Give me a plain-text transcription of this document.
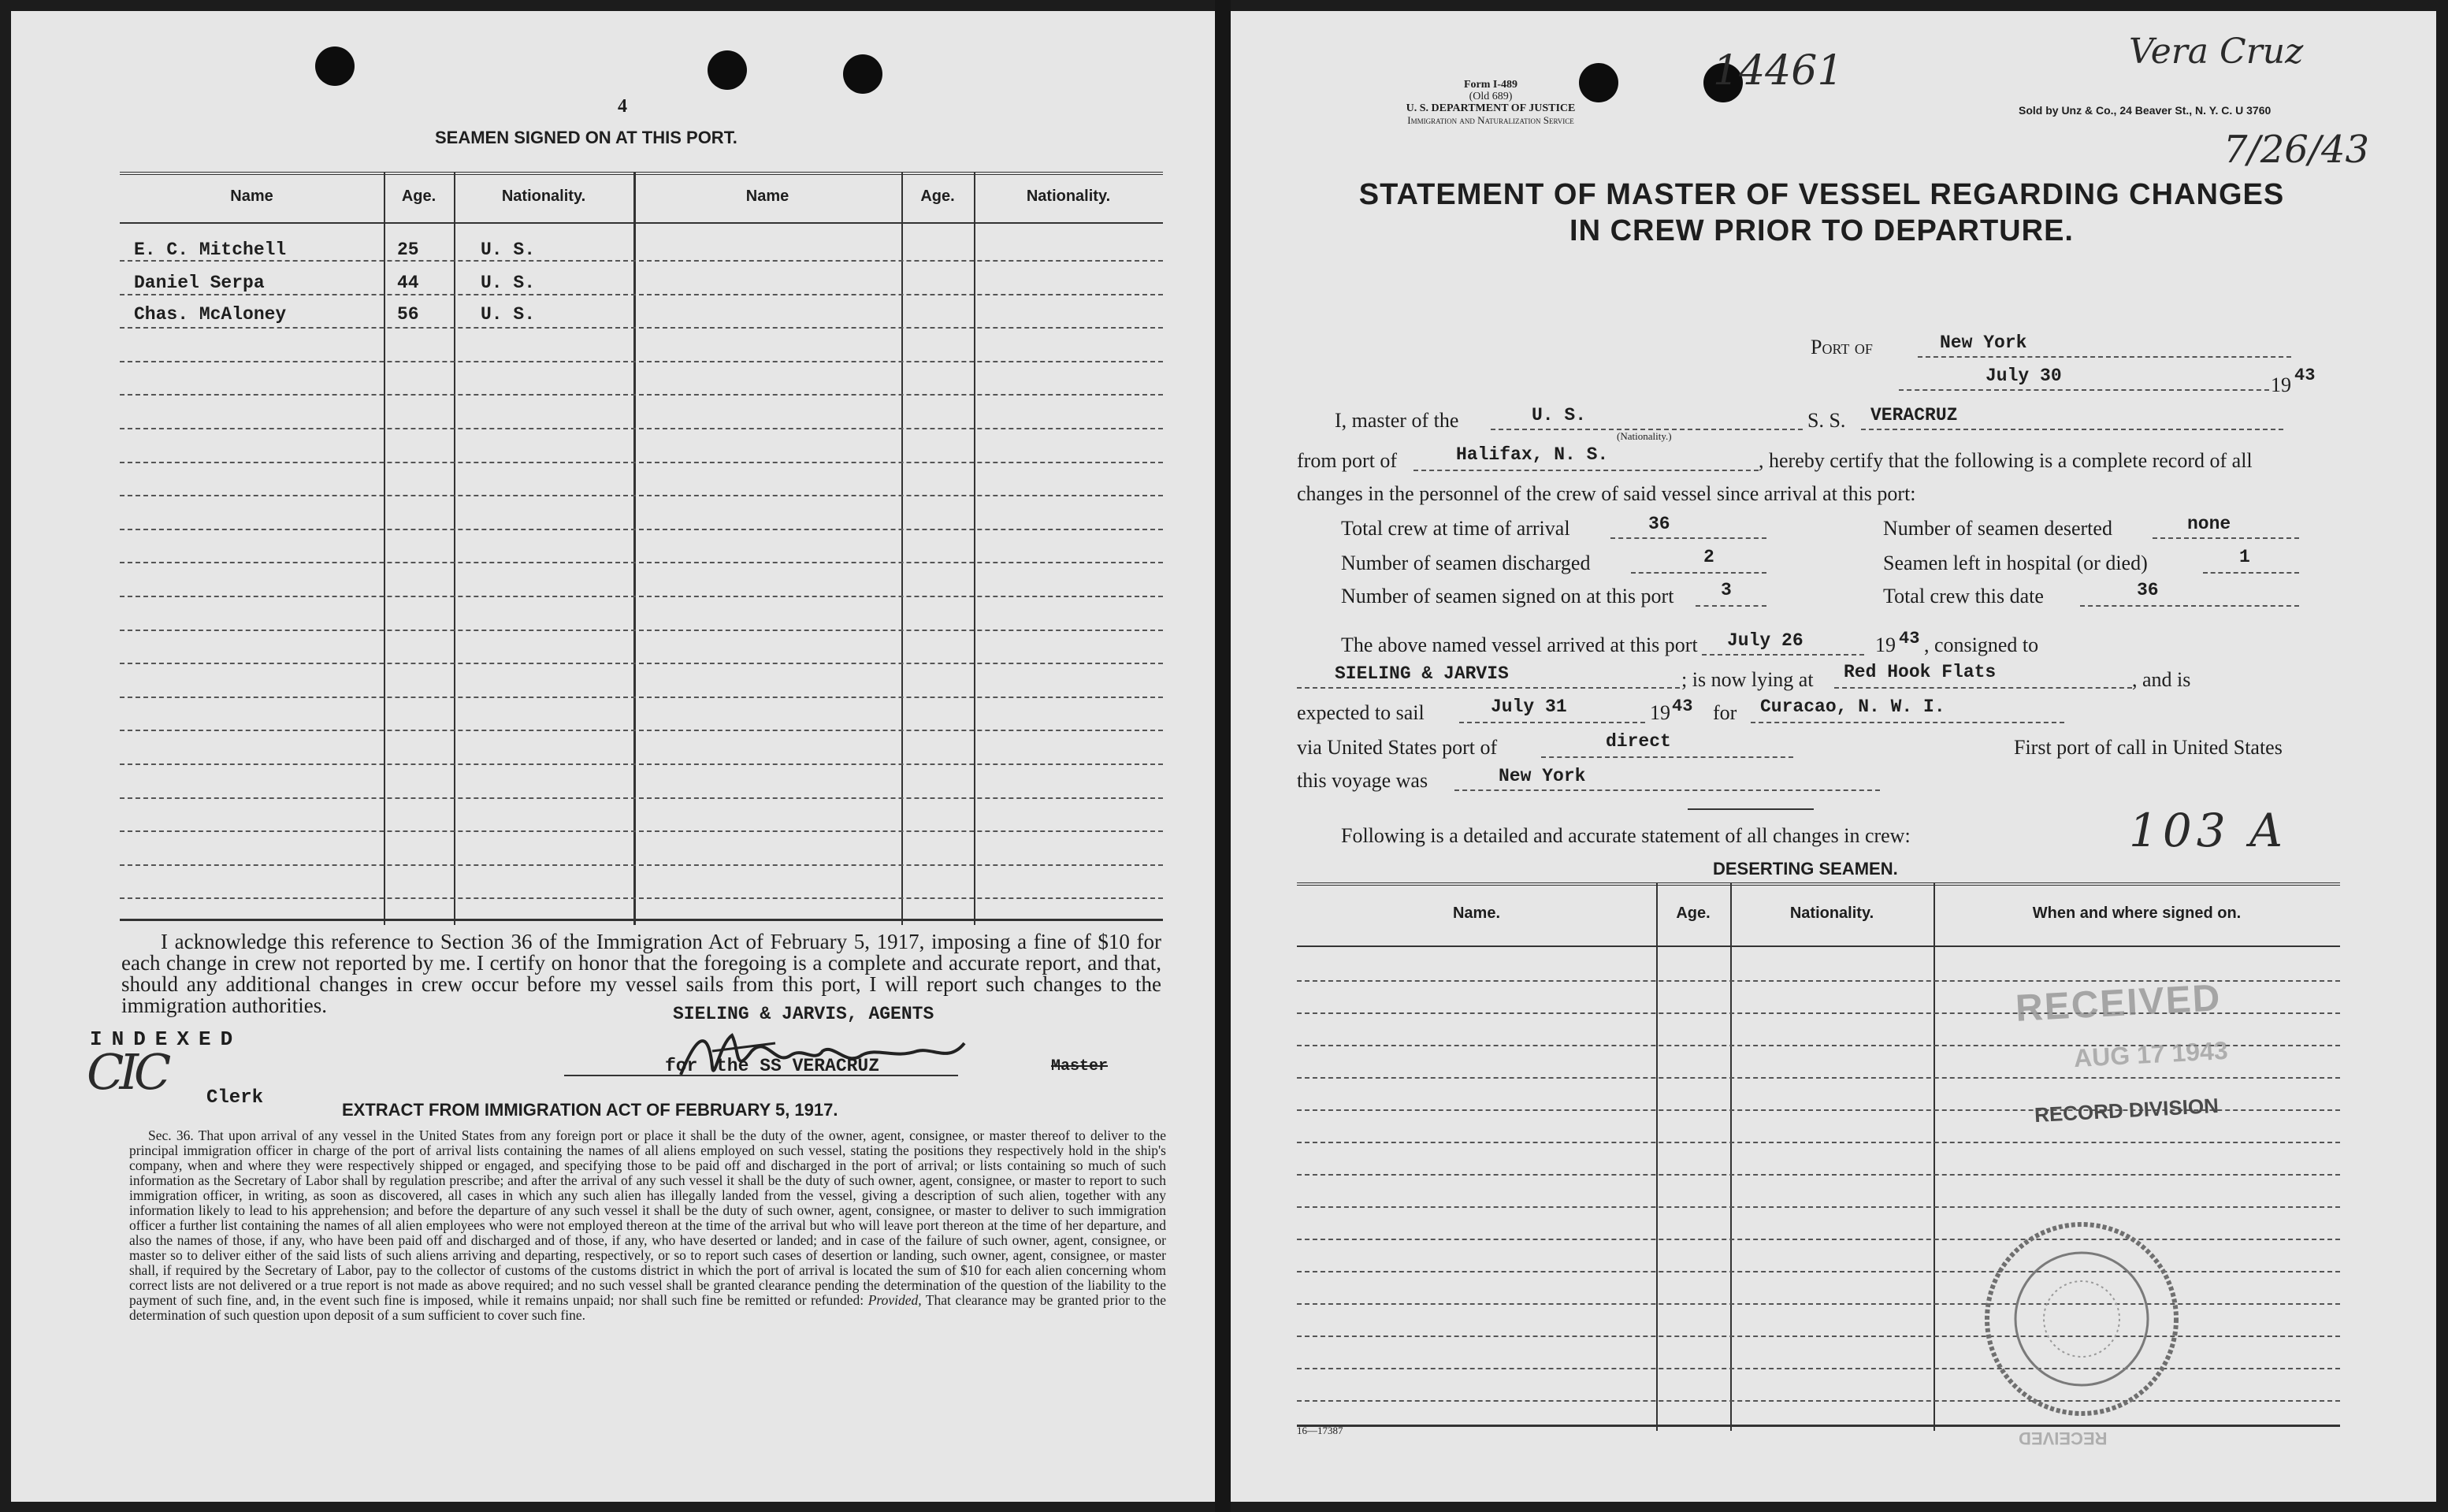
4
SEAMEN SIGNED ON AT THIS PORT.
Name	Age.	Nationality.	Name	Age.	Nationality.
E. C. Mitchell	25	U. S.
Daniel Serpa	44	U. S.
Chas. McAloney	56	U. S.
I acknowledge this reference to Section 36 of the Immigration Act of February 5, 1917, imposing a fine of $10 for each change in crew not reported by me. I certify on honor that the foregoing is a complete and accurate report, and that, should any additional changes in crew occur before my vessel sails from this port, I will report such changes to the immigration authorities.	SIELING & JARVIS, AGENTS
for the SS VERACRUZ	Master
INDEXED
CIC Clerk
EXTRACT FROM IMMIGRATION ACT OF FEBRUARY 5, 1917.
Sec. 36. That upon arrival of any vessel in the United States from any foreign port or place it shall be the duty of the owner, agent, consignee, or master thereof to deliver to the principal immigration officer in charge of the port of arrival lists containing the names of all aliens employed on such vessel, stating the positions they respectively hold in the ship's company, when and where they were respectively shipped or engaged, and specifying those to be paid off and discharged in the port of arrival; or lists containing so much of such information as the Secretary of Labor shall by regulation prescribe; and after the arrival of any such vessel it shall be the duty of such owner, agent, consignee, or master to report to such immigration officer, in writing, as soon as discovered, all cases in which any such alien has illegally landed from the vessel, giving a description of such alien, together with any information likely to lead to his apprehension; and before the departure of any such vessel it shall be the duty of such owner, agent, consignee, or master to deliver to such immigration officer a further list containing the names of all alien employees who were not employed thereon at the time of the arrival but who will leave port thereon at the time of her departure, and also the names of those, if any, who have been paid off and discharged and of those, if any, who have deserted or landed; and in case of the failure of such owner, agent, consignee, or master so to deliver either of the said lists of such aliens arriving and departing, respectively, or so to report such cases of desertion or landing, such owner, agent, consignee, or master shall, if required by the Secretary of Labor, pay to the collector of customs of the customs district in which the port of arrival is located the sum of $10 for each alien concerning whom correct lists are not delivered or a true report is not made as above required; and no such vessel shall be granted clearance pending the determination of the question of the liability to the payment of such fine, and, in the event such fine is imposed, while it remains unpaid; nor shall such fine be remitted or refunded: Provided, That clearance may be granted prior to the determination of such question upon deposit of a sum sufficient to cover such fine.
Form I-489
(Old 689)
U. S. DEPARTMENT OF JUSTICE
Immigration and Naturalization Service
14461	Vera Cruz
7/26/43
Sold by Unz & Co., 24 Beaver St., N. Y. C. U 3760
STATEMENT OF MASTER OF VESSEL REGARDING CHANGES
IN CREW PRIOR TO DEPARTURE.
Port of	New York
July 30	19 43
I, master of the	U. S.
(Nationality.)
S. S. VERACRUZ
from port of	Halifax, N. S.	, hereby certify that the following is a complete record of all
changes in the personnel of the crew of said vessel since arrival at this port:
Total crew at time of arrival	36	Number of seamen deserted	none
Number of seamen discharged	2	Seamen left in hospital (or died)	1
Number of seamen signed on at this port	3	Total crew this date	36
The above named vessel arrived at this port July 26	19 43 , consigned to
SIELING & JARVIS	; is now lying at Red Hook Flats	, and is
expected to sail	July 31	19 43 for Curacao, N. W. I.
via United States port of	direct	First port of call in United States
this voyage was	New York
Following is a detailed and accurate statement of all changes in crew:	103 A
DESERTING SEAMEN.
Name.	Age.	Nationality.	When and where signed on.
RECEIVED
AUG 17 1943
RECORD DIVISION
16—17387	RECEIVED
